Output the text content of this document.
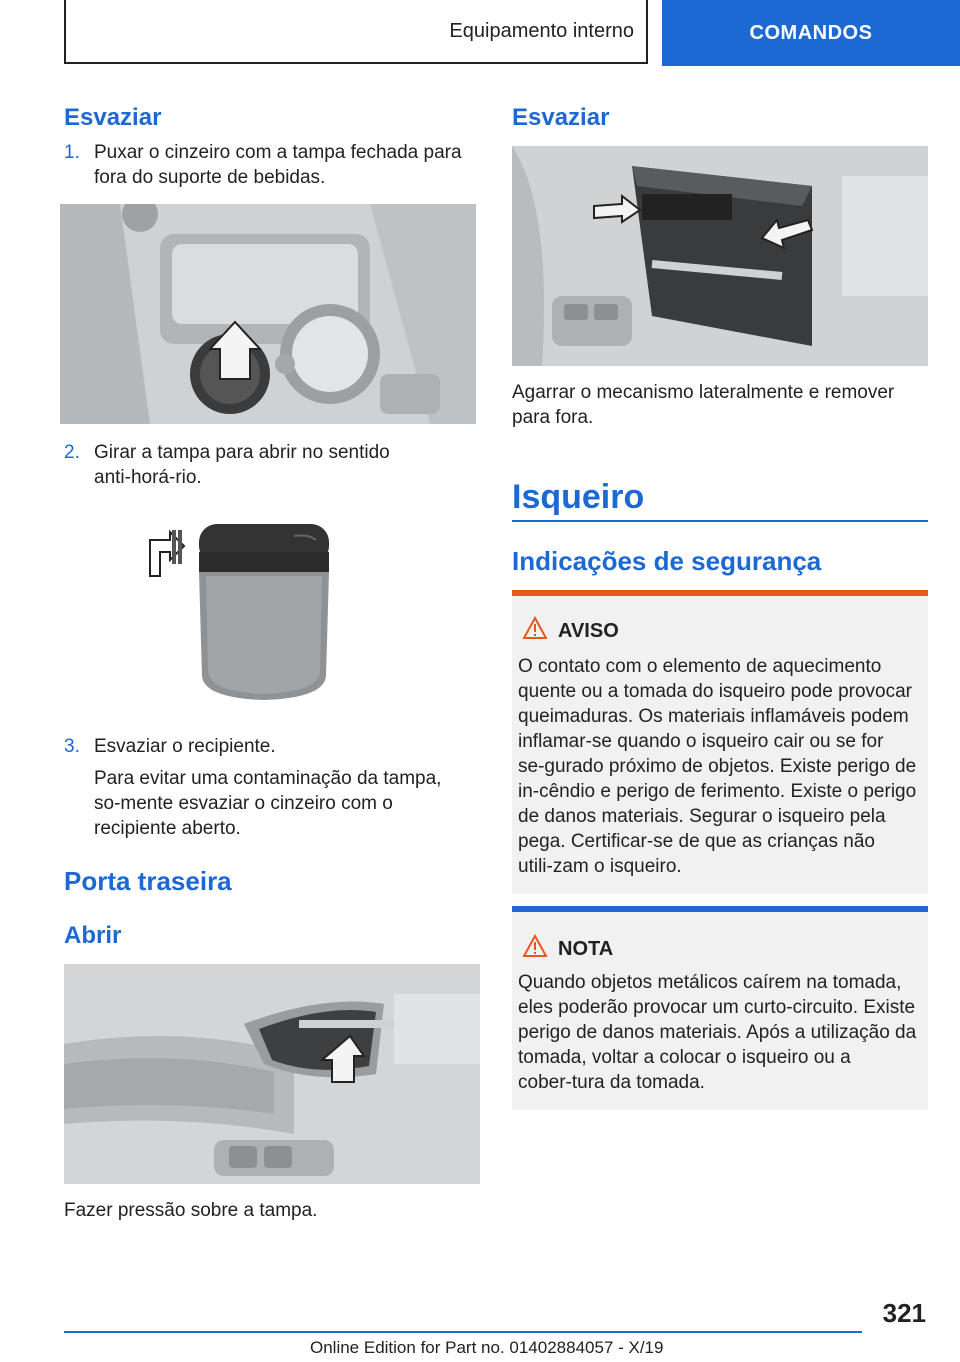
Equipamento interno	COMANDOS
Esvaziar
1. Puxar o cinzeiro com a tampa fechada para fora do suporte de bebidas.
2. Girar a tampa para abrir no sentido anti‑horá‑rio.
3. Esvaziar o recipiente.
Para evitar uma contaminação da tampa, so‑mente esvaziar o cinzeiro com o recipiente aberto.
Porta traseira
Abrir

Fazer pressão sobre a tampa.

Esvaziar

Agarrar o mecanismo lateralmente e remover para fora.

Isqueiro
Indicações de segurança
AVISO
O contato com o elemento de aquecimento quente ou a tomada do isqueiro pode provocar queimaduras. Os materiais inflamáveis podem inflamar‑se quando o isqueiro cair ou se for se‑gurado próximo de objetos. Existe perigo de in‑cêndio e perigo de ferimento. Existe o perigo de danos materiais. Segurar o isqueiro pela pega. Certificar‑se de que as crianças não utili‑zam o isqueiro.
NOTA
Quando objetos metálicos caírem na tomada, eles poderão provocar um curto‑circuito. Existe perigo de danos materiais. Após a utilização da tomada, voltar a colocar o isqueiro ou a cober‑tura da tomada.
321
Online Edition for Part no. 01402884057 - X/19
